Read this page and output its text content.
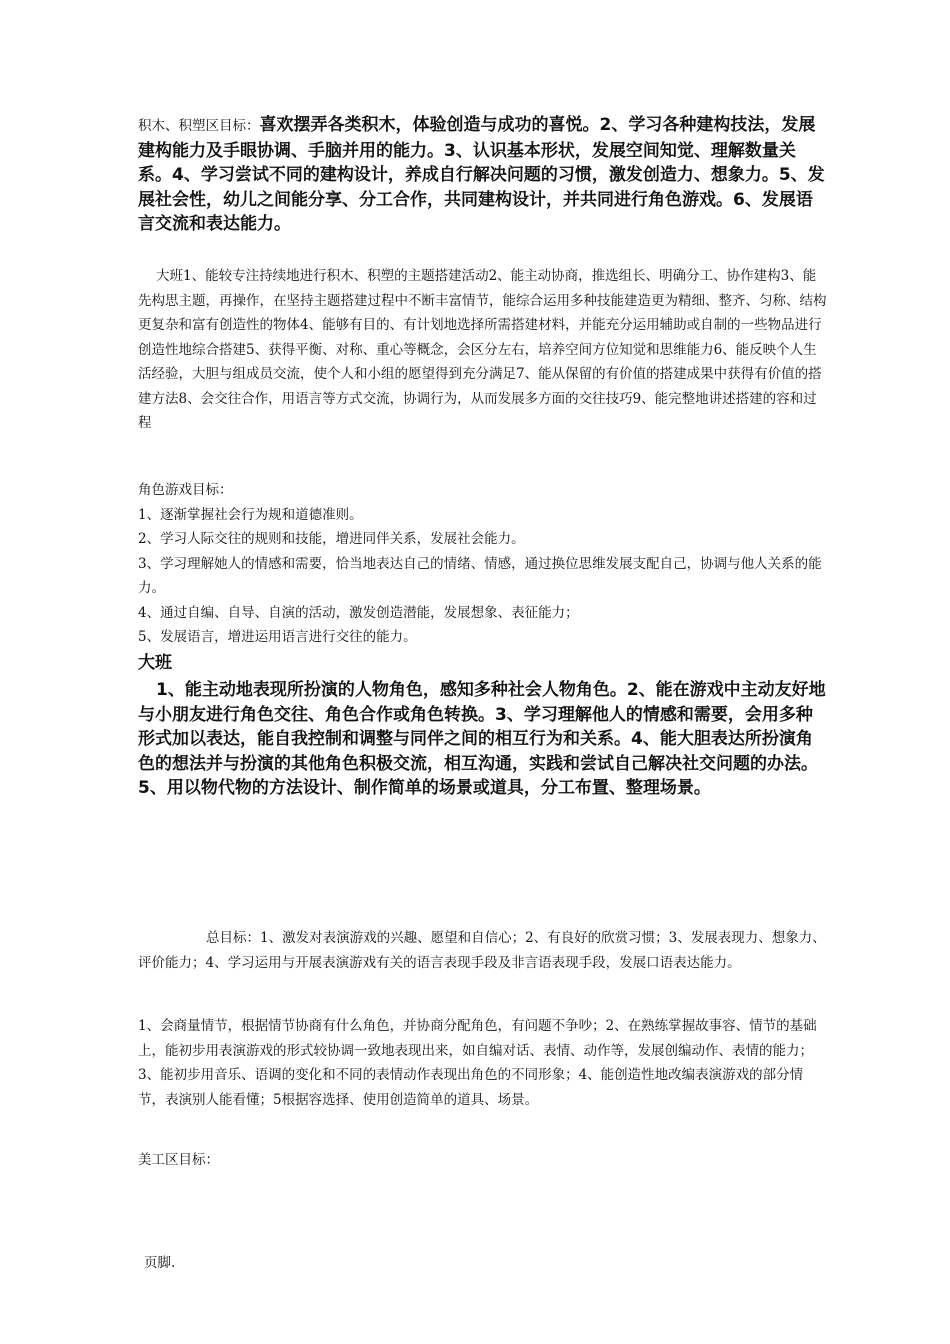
积木、积塑区目标：喜欢摆弄各类积木，体验创造与成功的喜悦。2、学习各种建构技法，发展建构能力及手眼协调、手脑并用的能力。3、认识基本形状，发展空间知觉、理解数量关系。4、学习尝试不同的建构设计，养成自行解决问题的习惯，激发创造力、想象力。5、发展社会性，幼儿之间能分享、分工合作，共同建构设计，并共同进行角色游戏。6、发展语言交流和表达能力。

大班1、能较专注持续地进行积木、积塑的主题搭建活动2、能主动协商，推选组长、明确分工、协作建构3、能先构思主题，再操作，在坚持主题搭建过程中不断丰富情节，能综合运用多种技能建造更为精细、整齐、匀称、结构更复杂和富有创造性的物体4、能够有目的、有计划地选择所需搭建材料，并能充分运用辅助或自制的一些物品进行创造性地综合搭建5、获得平衡、对称、重心等概念，会区分左右，培养空间方位知觉和思维能力6、能反映个人生活经验，大胆与组成员交流，使个人和小组的愿望得到充分满足7、能从保留的有价值的搭建成果中获得有价值的搭建方法8、会交往合作，用语言等方式交流，协调行为，从而发展多方面的交往技巧9、能完整地讲述搭建的容和过程

角色游戏目标：
1、逐渐掌握社会行为规和道德准则。
2、学习人际交往的规则和技能，增进同伴关系，发展社会能力。
3、学习理解她人的情感和需要，恰当地表达自己的情绪、情感，通过换位思维发展支配自己，协调与他人关系的能力。
4、通过自编、自导、自演的活动，激发创造潜能，发展想象、表征能力；
5、发展语言，增进运用语言进行交往的能力。
大班

1、能主动地表现所扮演的人物角色，感知多种社会人物角色。2、能在游戏中主动友好地与小朋友进行角色交往、角色合作或角色转换。3、学习理解他人的情感和需要，会用多种形式加以表达，能自我控制和调整与同伴之间的相互行为和关系。4、能大胆表达所扮演角色的想法并与扮演的其他角色积极交流，相互沟通，实践和尝试自己解决社交问题的办法。5、用以物代物的方法设计、制作简单的场景或道具，分工布置、整理场景。

总目标：1、激发对表演游戏的兴趣、愿望和自信心；2、有良好的欣赏习惯；3、发展表现力、想象力、评价能力；4、学习运用与开展表演游戏有关的语言表现手段及非言语表现手段，发展口语表达能力。

1、会商量情节，根据情节协商有什么角色，并协商分配角色，有问题不争吵；2、在熟练掌握故事容、情节的基础上，能初步用表演游戏的形式较协调一致地表现出来，如自编对话、表情、动作等，发展创编动作、表情的能力；3、能初步用音乐、语调的变化和不同的表情动作表现出角色的不同形象；4、能创造性地改编表演游戏的部分情节，表演别人能看懂；5根据容选择、使用创造简单的道具、场景。

美工区目标：

页脚.
